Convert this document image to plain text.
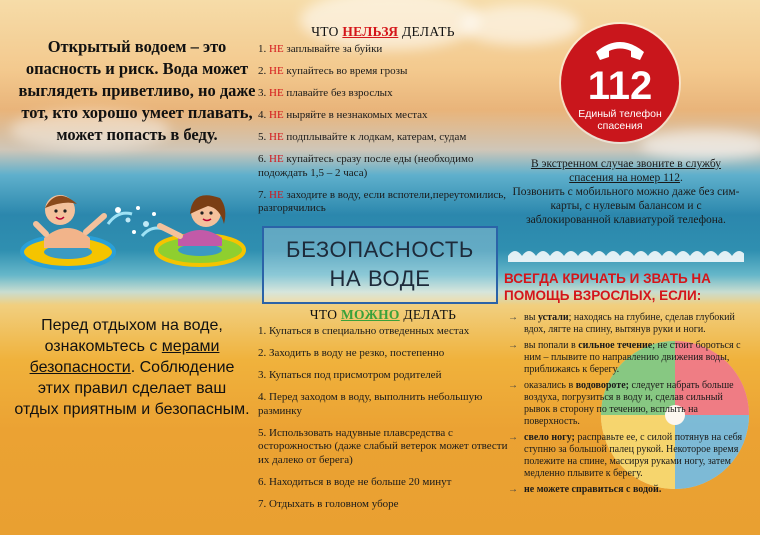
Открытый водоем – это опасность и риск. Вода может выглядеть приветливо, но даже тот, кто хорошо умеет плавать, может попасть в беду.
Перед отдыхом на воде, ознакомьтесь с мерами безопасности. Соблюдение этих правил сделает ваш отдых приятным и безопасным.
ЧТО НЕЛЬЗЯ ДЕЛАТЬ
1. НЕ заплывайте за буйки
2. НЕ купайтесь во время грозы
3. НЕ плавайте без взрослых
4. НЕ ныряйте в незнакомых местах
5. НЕ подплывайте к лодкам, катерам, судам
6. НЕ купайтесь сразу после еды (необходимо подождать 1,5 – 2 часа)
7. НЕ заходите в воду, если вспотели,переутомились, разгорячились
БЕЗОПАСНОСТЬ
НА ВОДЕ
ЧТО МОЖНО ДЕЛАТЬ
1. Купаться в специально отведенных местах
2. Заходить в воду не резко, постепенно
3. Купаться под присмотром родителей
4. Перед заходом в воду, выполнить небольшую разминку
5. Использовать надувные плавсредства с осторожностью (даже слабый ветерок может отвести их далеко от берега)
6. Находиться в воде не больше 20 минут
7. Отдыхать в головном уборе
112
Единый телефон
спасения
В экстренном случае звоните в службу спасения на номер 112.
Позвонить с мобильного можно даже без сим-карты, с нулевым балансом и с заблокированной клавиатурой телефона.
ВСЕГДА КРИЧАТЬ И ЗВАТЬ НА ПОМОЩЬ ВЗРОСЛЫХ, ЕСЛИ:
→ вы устали; находясь на глубине, сделав глубокий вдох, лягте на спину, вытянув руки и ноги.
→ вы попали в сильное течение; не стоит бороться с ним – плывите по направлению движения воды, приближаясь к берегу.
→ оказались в водовороте; следует набрать больше воздуха, погрузиться в воду и, сделав сильный рывок в сторону по течению, всплыть на поверхность.
→ свело ногу; расправьте ее, с силой потянув на себя ступню за большой палец рукой. Некоторое время полежите на спине, массируя руками ногу, затем медленно плывите к берегу.
→ не можете справиться с водой.
